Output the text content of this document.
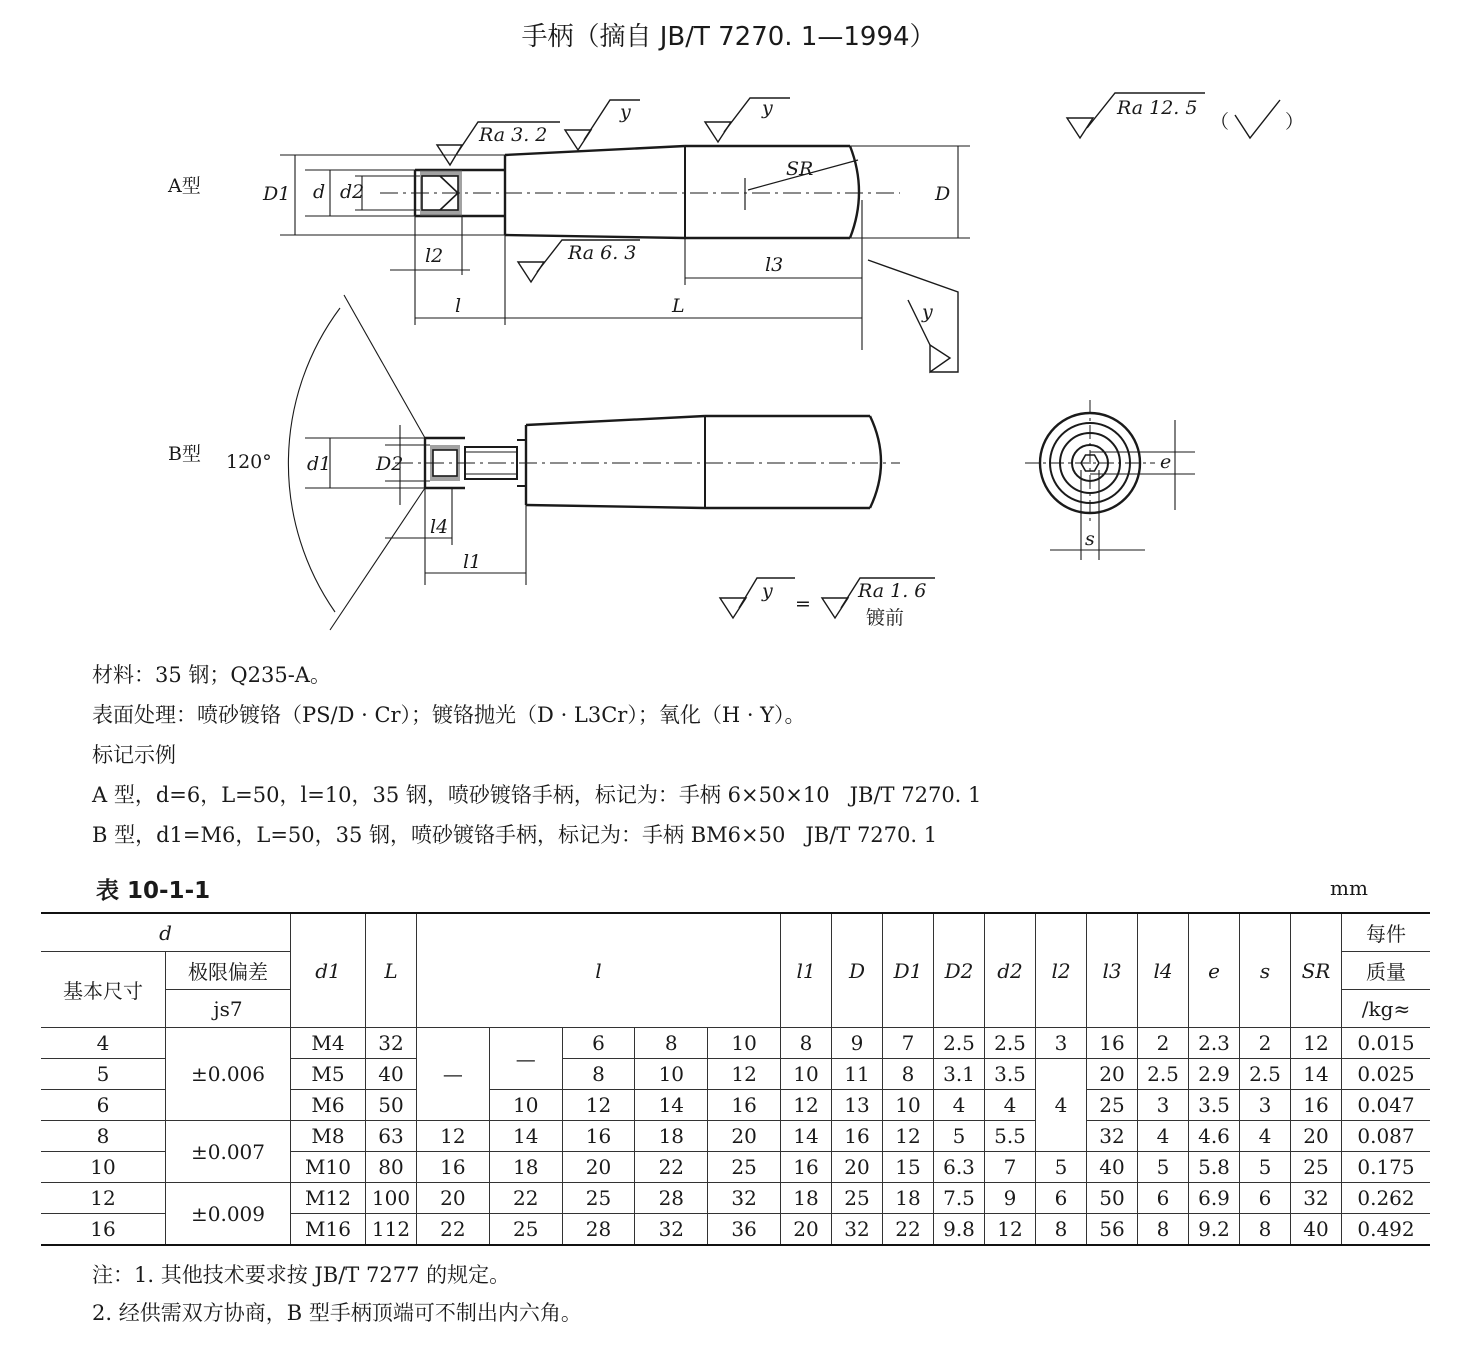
手柄（摘自 JB/T 7270. 1—1994）
A型
B型 120°
Ra 3. 2
Ra 6. 3
Ra 12. 5
（	）
y	y
y
y
=
Ra 1. 6
镀前
D1 d d2
l2
l	L
l3
SR
D
d1 D2
l4
l1
e
s
材料：35 钢；Q235-A。
表面处理：喷砂镀铬（PS/D · Cr）；镀铬抛光（D · L3Cr）；氧化（H · Y）。
标记示例
A 型，d=6，L=50，l=10，35 钢，喷砂镀铬手柄，标记为：手柄 6×50×10   JB/T 7270. 1
B 型，d1=M6，L=50，35 钢，喷砂镀铬手柄，标记为：手柄 BM6×50   JB/T 7270. 1
表 10-1-1	mm
d		d1	L	l					l1	D	D1	D2	d2	l2	l3	l4	e	s	SR	每件
基本尺寸	极限偏差																			质量
	js7																			/kg≈
4	±0.006	M4	32	—	—	6	8	10	8	9	7	2.5	2.5	3	16	2	2.3	2	12	0.015
5		M5	40			8	10	12	10	11	8	3.1	3.5	4	20	2.5	2.9	2.5	14	0.025
6		M6	50		10	12	14	16	12	13	10	4	4		25	3	3.5	3	16	0.047
8	±0.007	M8	63	12	14	16	18	20	14	16	12	5	5.5		32	4	4.6	4	20	0.087
10		M10	80	16	18	20	22	25	16	20	15	6.3	7	5	40	5	5.8	5	25	0.175
12	±0.009	M12	100	20	22	25	28	32	18	25	18	7.5	9	6	50	6	6.9	6	32	0.262
16		M16	112	22	25	28	32	36	20	32	22	9.8	12	8	56	8	9.2	8	40	0.492
注：1. 其他技术要求按 JB/T 7277 的规定。
2. 经供需双方协商，B 型手柄顶端可不制出内六角。
